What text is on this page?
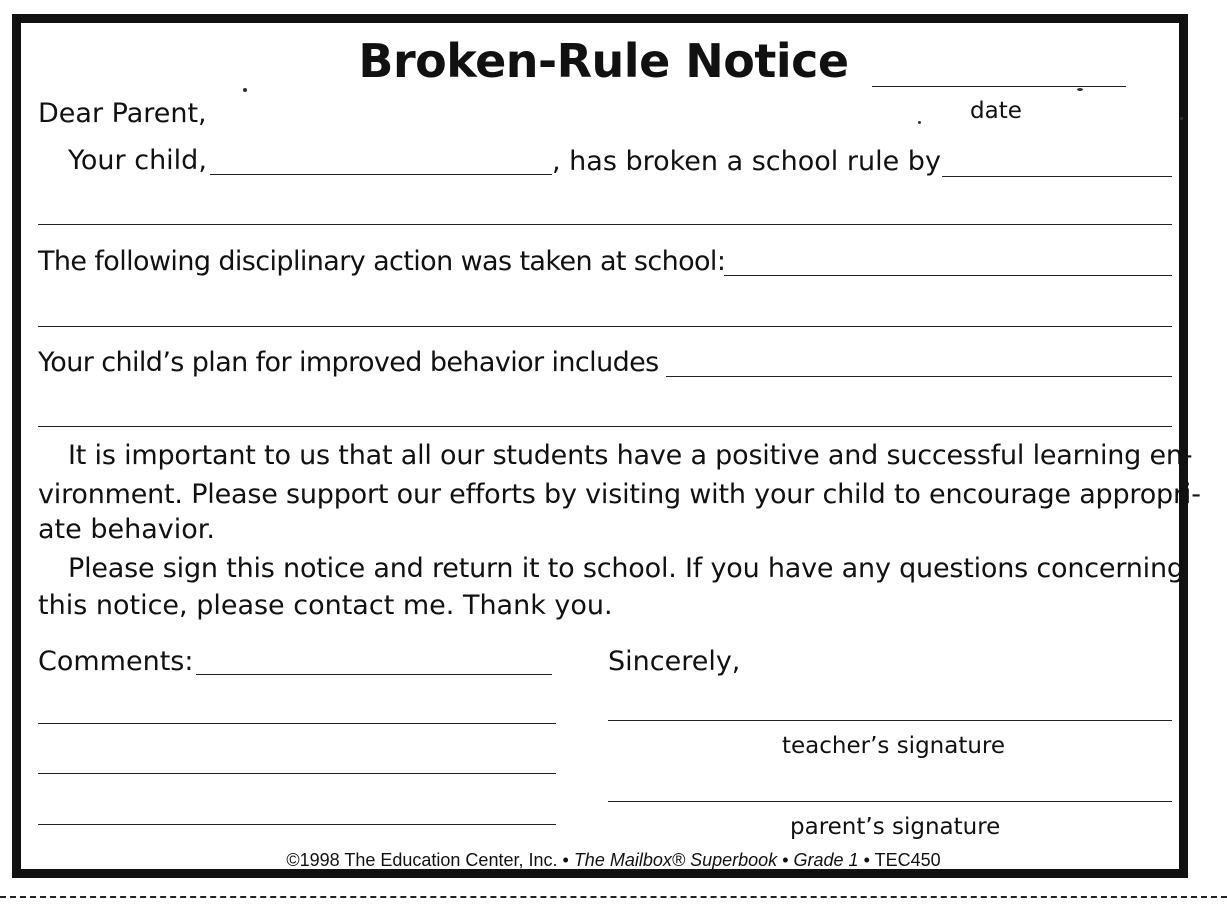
Broken-Rule Notice
date
Dear Parent,
Your child,	, has broken a school rule by
The following disciplinary action was taken at school:
Your child’s plan for improved behavior includes
It is important to us that all our students have a positive and successful learning en-
vironment. Please support our efforts by visiting with your child to encourage appropri-
ate behavior.
Please sign this notice and return it to school. If you have any questions concerning
this notice, please contact me. Thank you.
Comments:	Sincerely,
teacher’s signature
parent’s signature
©1998 The Education Center, Inc. • The Mailbox® Superbook • Grade 1 • TEC450
